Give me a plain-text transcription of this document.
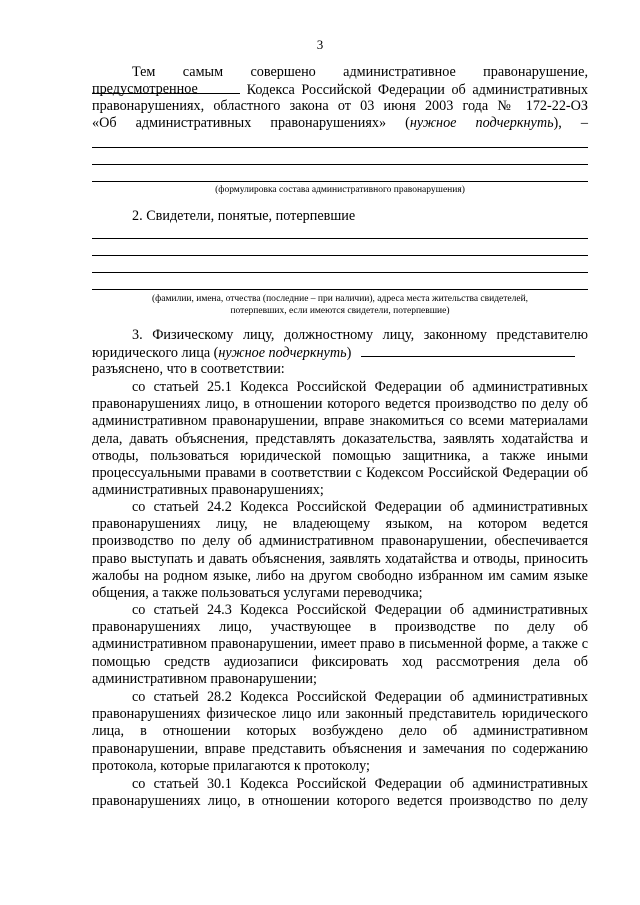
3
Тем самым совершено административное правонарушение, предусмотренное	Кодекса Российской Федерации об административных
правонарушениях, областного закона от 03 июня 2003 года № 172-22-ОЗ
«Об административных правонарушениях» (нужное подчеркнуть), –
(формулировка состава административного правонарушения)
2. Свидетели, понятые, потерпевшие
(фамилии, имена, отчества (последние – при наличии), адреса места жительства свидетелей,
потерпевших, если имеются свидетели, потерпевшие)
3. Физическому лицу, должностному лицу, законному представителю
юридического лица (нужное подчеркнуть)
разъяснено, что в соответствии:
со статьей 25.1 Кодекса Российской Федерации об административных правонарушениях лицо, в отношении которого ведется производство по делу об административном правонарушении, вправе знакомиться со всеми материалами дела, давать объяснения, представлять доказательства, заявлять ходатайства и отводы, пользоваться юридической помощью защитника, а также иными процессуальными правами в соответствии с Кодексом Российской Федерации об административных правонарушениях;
со статьей 24.2 Кодекса Российской Федерации об административных правонарушениях лицу, не владеющему языком, на котором ведется производство по делу об административном правонарушении, обеспечивается право выступать и давать объяснения, заявлять ходатайства и отводы, приносить жалобы на родном языке, либо на другом свободно избранном им самим языке общения, а также пользоваться услугами переводчика;
со статьей 24.3 Кодекса Российской Федерации об административных правонарушениях лицо, участвующее в производстве по делу об административном правонарушении, имеет право в письменной форме, а также с помощью средств аудиозаписи фиксировать ход рассмотрения дела об административном правонарушении;
со статьей 28.2 Кодекса Российской Федерации об административных правонарушениях физическое лицо или законный представитель юридического лица, в отношении которых возбуждено дело об административном правонарушении, вправе представить объяснения и замечания по содержанию протокола, которые прилагаются к протоколу;
со статьей 30.1 Кодекса Российской Федерации об административных правонарушениях лицо, в отношении которого ведется производство по делу
